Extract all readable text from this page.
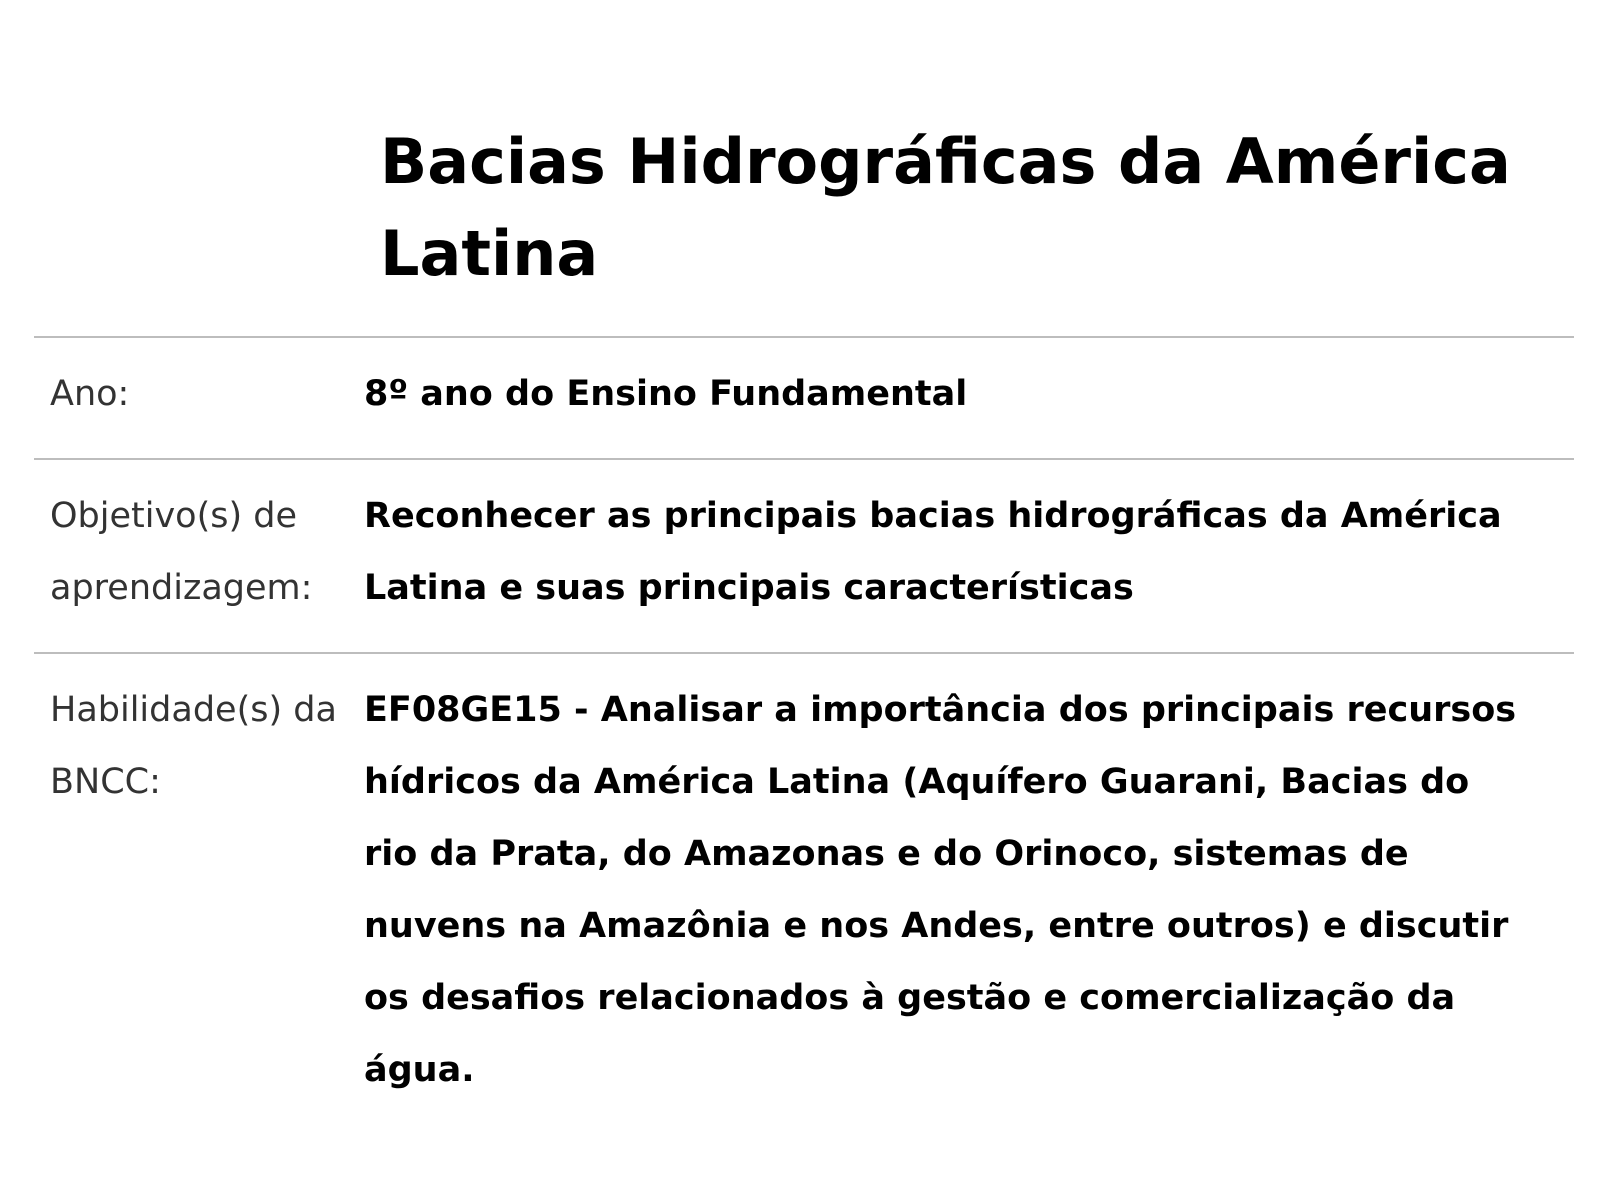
Bacias Hidrográficas da América Latina
Ano:	8º ano do Ensino Fundamental
Objetivo(s) de aprendizagem:
Reconhecer as principais bacias hidrográficas da América Latina e suas principais características
Habilidade(s) da BNCC:
EF08GE15 - Analisar a importância dos principais recursos hídricos da América Latina (Aquífero Guarani, Bacias do rio da Prata, do Amazonas e do Orinoco, sistemas de nuvens na Amazônia e nos Andes, entre outros) e discutir os desafios relacionados à gestão e comercialização da água.
